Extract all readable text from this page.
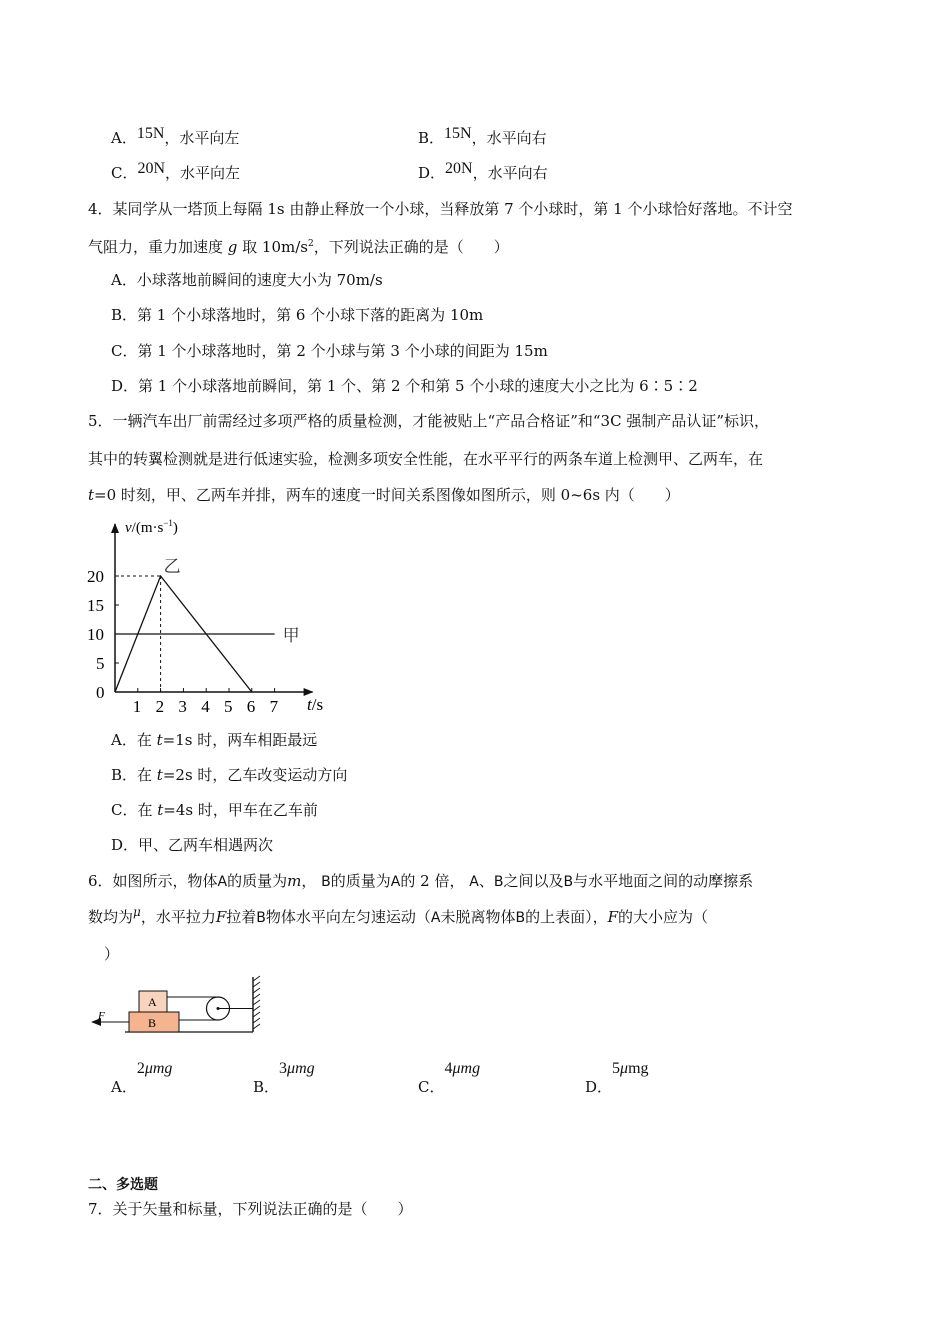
A．15N，水平向左	B．15N，水平向右
C．20N，水平向左	D．20N，水平向右
4．某同学从一塔顶上每隔 1s 由静止释放一个小球，当释放第 7 个小球时，第 1 个小球恰好落地。不计空
气阻力，重力加速度 g 取 $10m/s^2$，下列说法正确的是（　　）
A．小球落地前瞬间的速度大小为 70m/s
B．第 1 个小球落地时，第 6 个小球下落的距离为 10m
C．第 1 个小球落地时，第 2 个小球与第 3 个小球的间距为 15m
D．第 1 个小球落地前瞬间，第 1 个、第 2 个和第 5 个小球的速度大小之比为 6∶5∶2
5．一辆汽车出厂前需经过多项严格的质量检测，才能被贴上“产品合格证”和“3C 强制产品认证”标识，
其中的转翼检测就是进行低速实验，检测多项安全性能，在水平平行的两条车道上检测甲、乙两车，在
t=0 时刻，甲、乙两车并排，两车的速度一时间关系图像如图所示，则 0~6s 内（　　）
1 2 3 4 5 6 7
0
5
10
15
20
甲
乙
$v/(m\cdot s^{-1})$
t/s
A．在 t=1s 时，两车相距最远
B．在 t=2s 时，乙车改变运动方向
C．在 t=4s 时，甲车在乙车前
D．甲、乙两车相遇两次
6．如图所示，物体A的质量为m， B的质量为A的 2 倍， A、B之间以及B与水平地面之间的动摩擦系
数均为$^\mu$，水平拉力F拉着B物体水平向左匀速运动（A未脱离物体B的上表面），F的大小应为（
）
A
B
F
A．2μmg
B．3μmg
C．4μmg
D．5μmg
二、多选题
7．关于矢量和标量，下列说法正确的是（　　）
